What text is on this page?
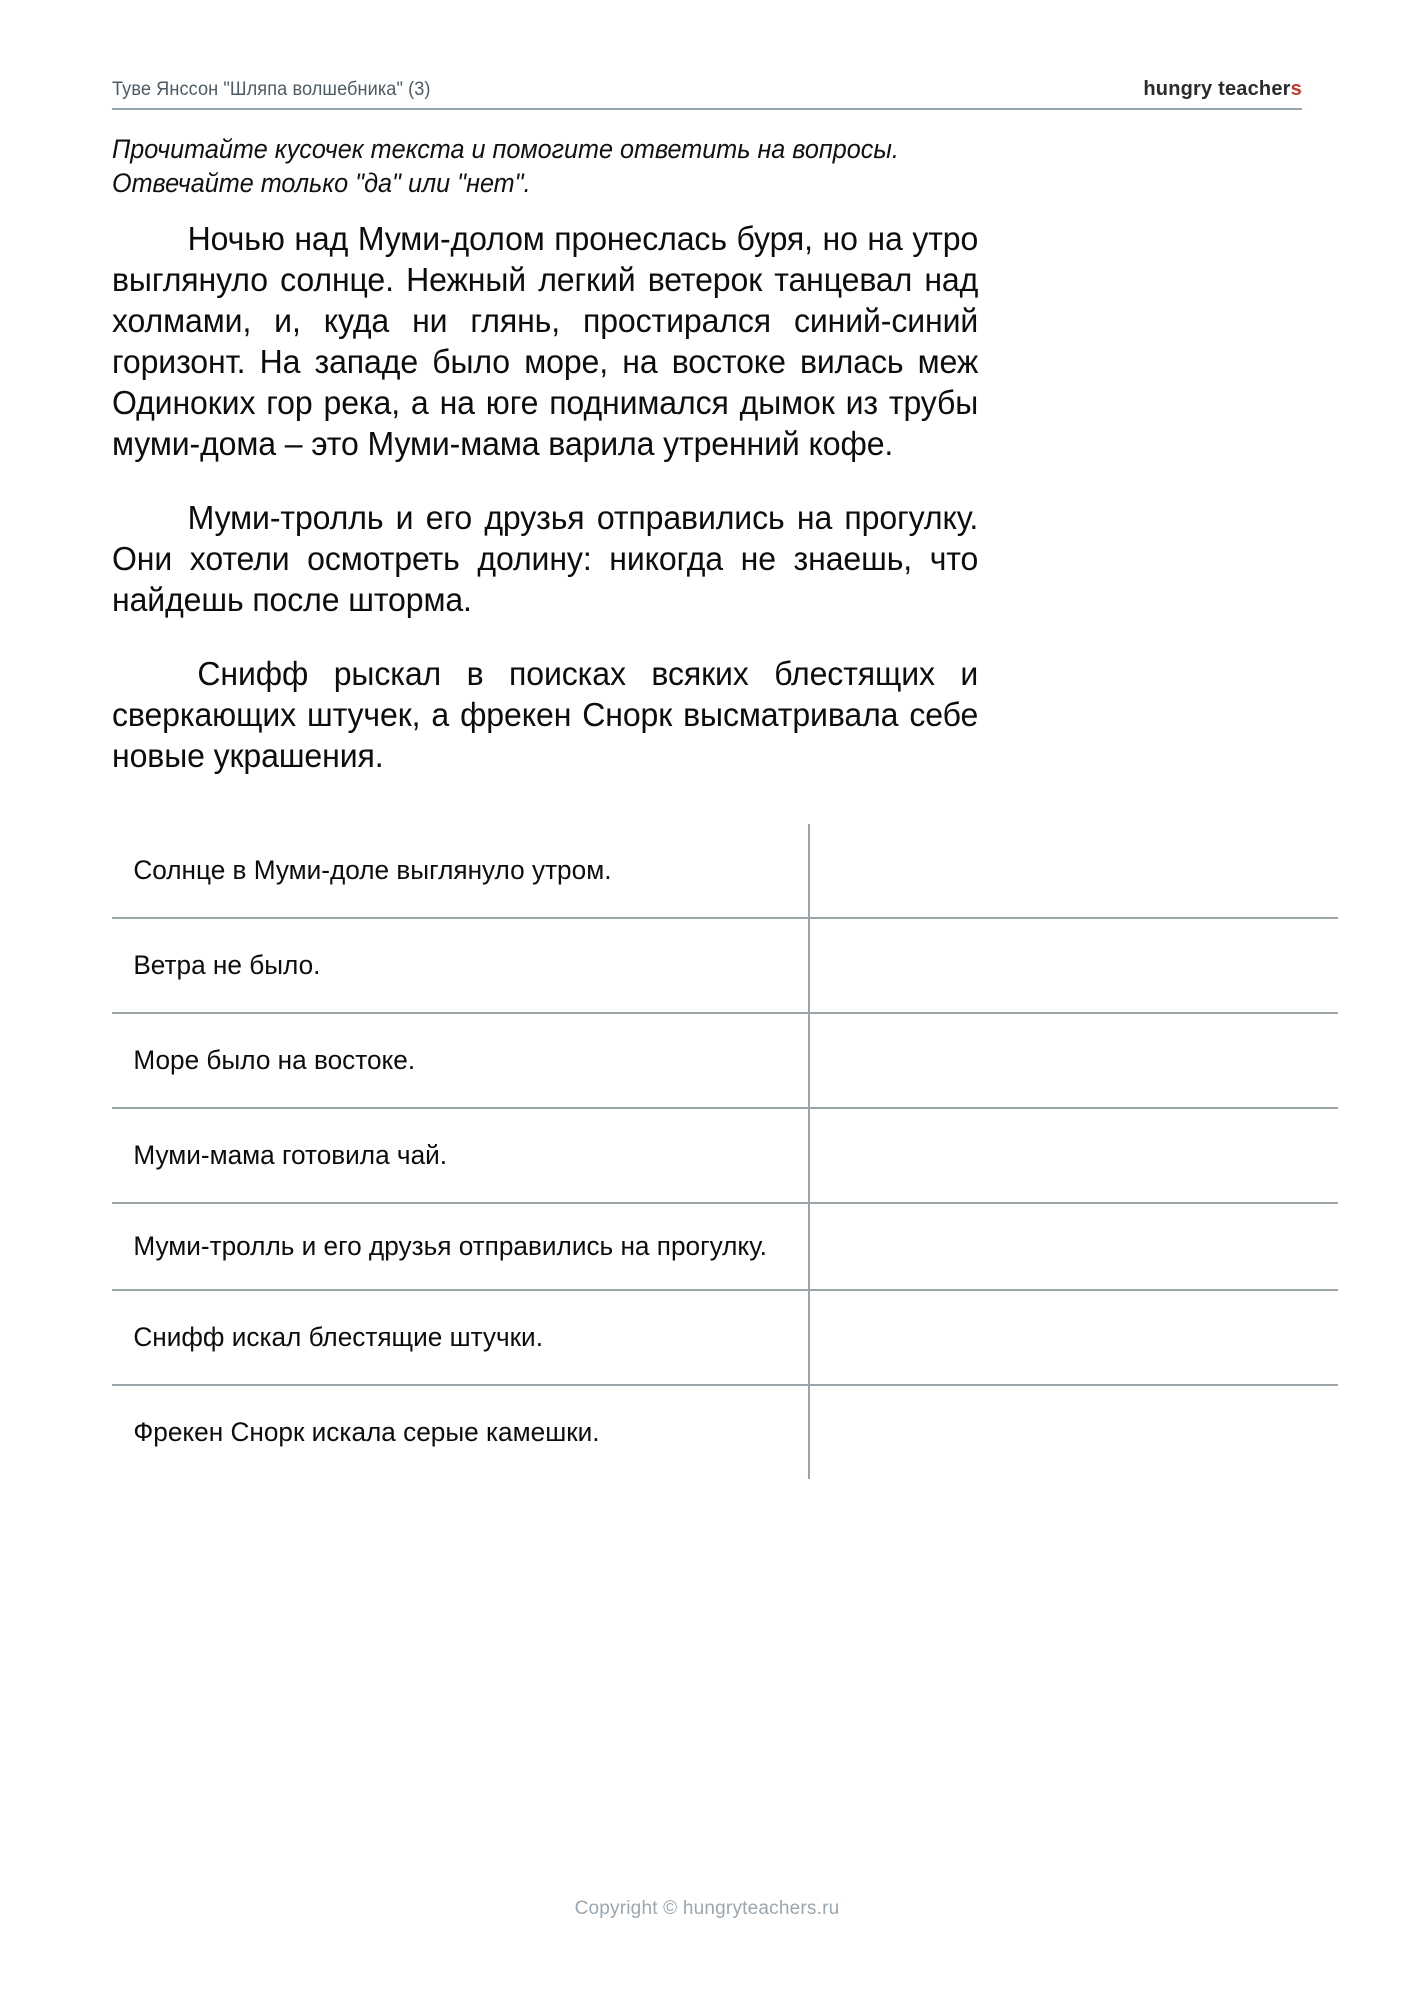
Туве Янссон "Шляпа волшебника" (3)	hungry teachers
Прочитайте кусочек текста и помогите ответить на вопросы.
Отвечайте только "да" или "нет".

Ночью над Муми-долом пронеслась буря, но на утро выглянуло солнце. Нежный легкий ветерок танцевал над холмами, и, куда ни глянь, простирался синий-синий горизонт. На западе было море, на востоке вилась меж Одиноких гор река, а на юге поднимался дымок из трубы муми-дома – это Муми-мама варила утренний кофе.

Муми-тролль и его друзья отправились на прогулку. Они хотели осмотреть долину: никогда не знаешь, что найдешь после шторма.

Снифф рыскал в поисках всяких блестящих и сверкающих штучек, а фрекен Снорк высматривала себе новые украшения.

Солнце в Муми-доле выглянуло утром.	
Ветра не было.	
Море было на востоке.	
Муми-мама готовила чай.	
Муми-тролль и его друзья отправились на прогулку.	
Снифф искал блестящие штучки.	
Фрекен Снорк искала серые камешки.	
Copyright © hungryteachers.ru
